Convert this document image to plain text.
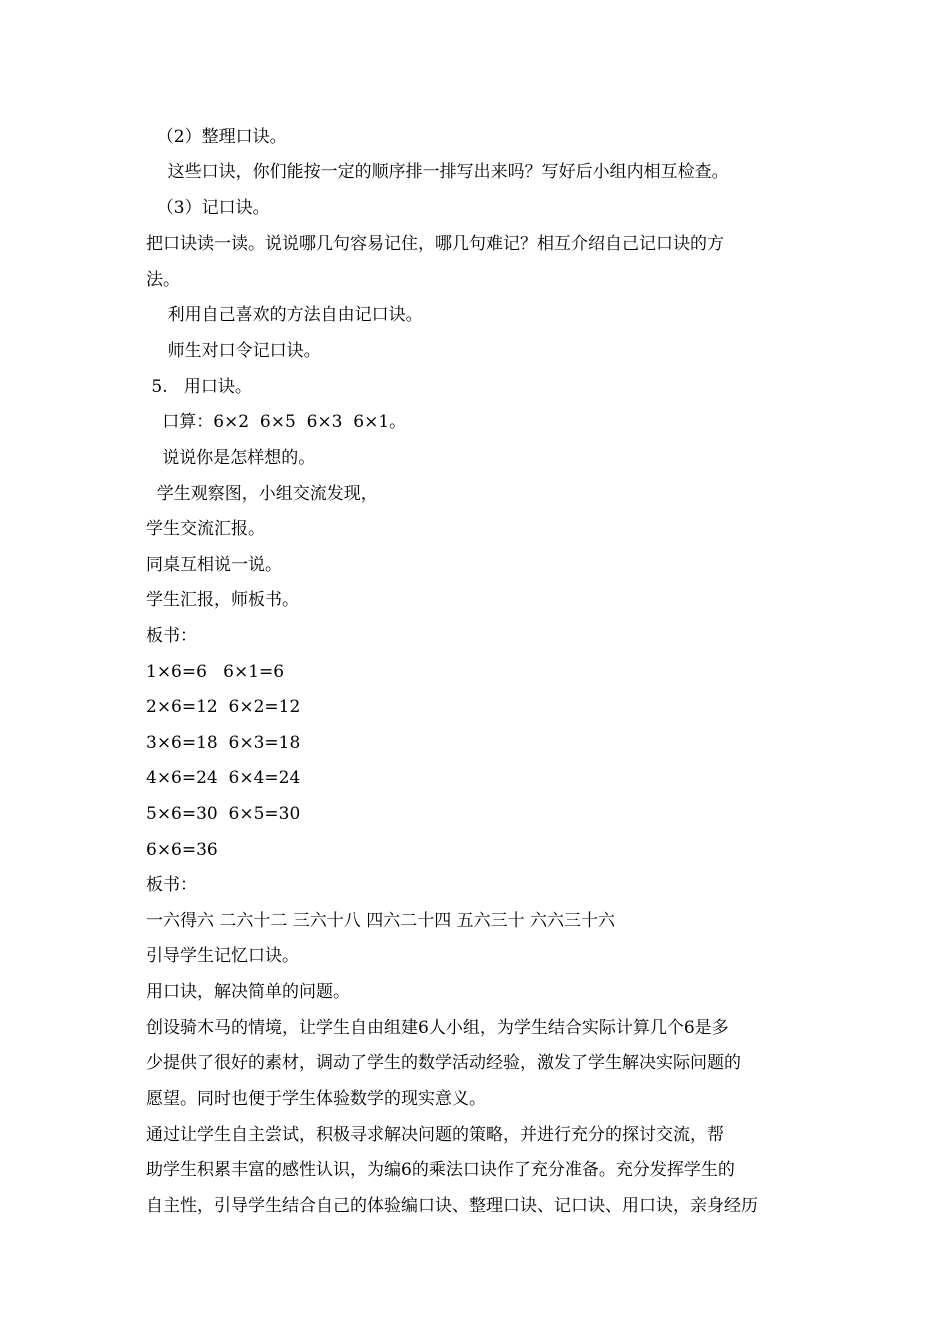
（2）整理口诀。

这些口诀，你们能按一定的顺序排一排写出来吗？写好后小组内相互检查。

（3）记口诀。

把口诀读一读。说说哪几句容易记住，哪几句难记？相互介绍自己记口诀的方

法。

利用自己喜欢的方法自由记口诀。

师生对口令记口诀。

5.   用口诀。

口算：6×2  6×5  6×3  6×1。

说说你是怎样想的。

学生观察图，小组交流发现，

学生交流汇报。

同桌互相说一说。

学生汇报，师板书。

板书：

1×6=6   6×1=6

2×6=12  6×2=12

3×6=18  6×3=18

4×6=24  6×4=24

5×6=30  6×5=30

6×6=36

板书：

一六得六 二六十二 三六十八 四六二十四 五六三十 六六三十六

引导学生记忆口诀。

用口诀，解决简单的问题。

创设骑木马的情境，让学生自由组建6人小组，为学生结合实际计算几个6是多

少提供了很好的素材，调动了学生的数学活动经验，激发了学生解决实际问题的

愿望。同时也便于学生体验数学的现实意义。

通过让学生自主尝试，积极寻求解决问题的策略，并进行充分的探讨交流，帮

助学生积累丰富的感性认识，为编6的乘法口诀作了充分准备。充分发挥学生的

自主性，引导学生结合自己的体验编口诀、整理口诀、记口诀、用口诀，亲身经历
